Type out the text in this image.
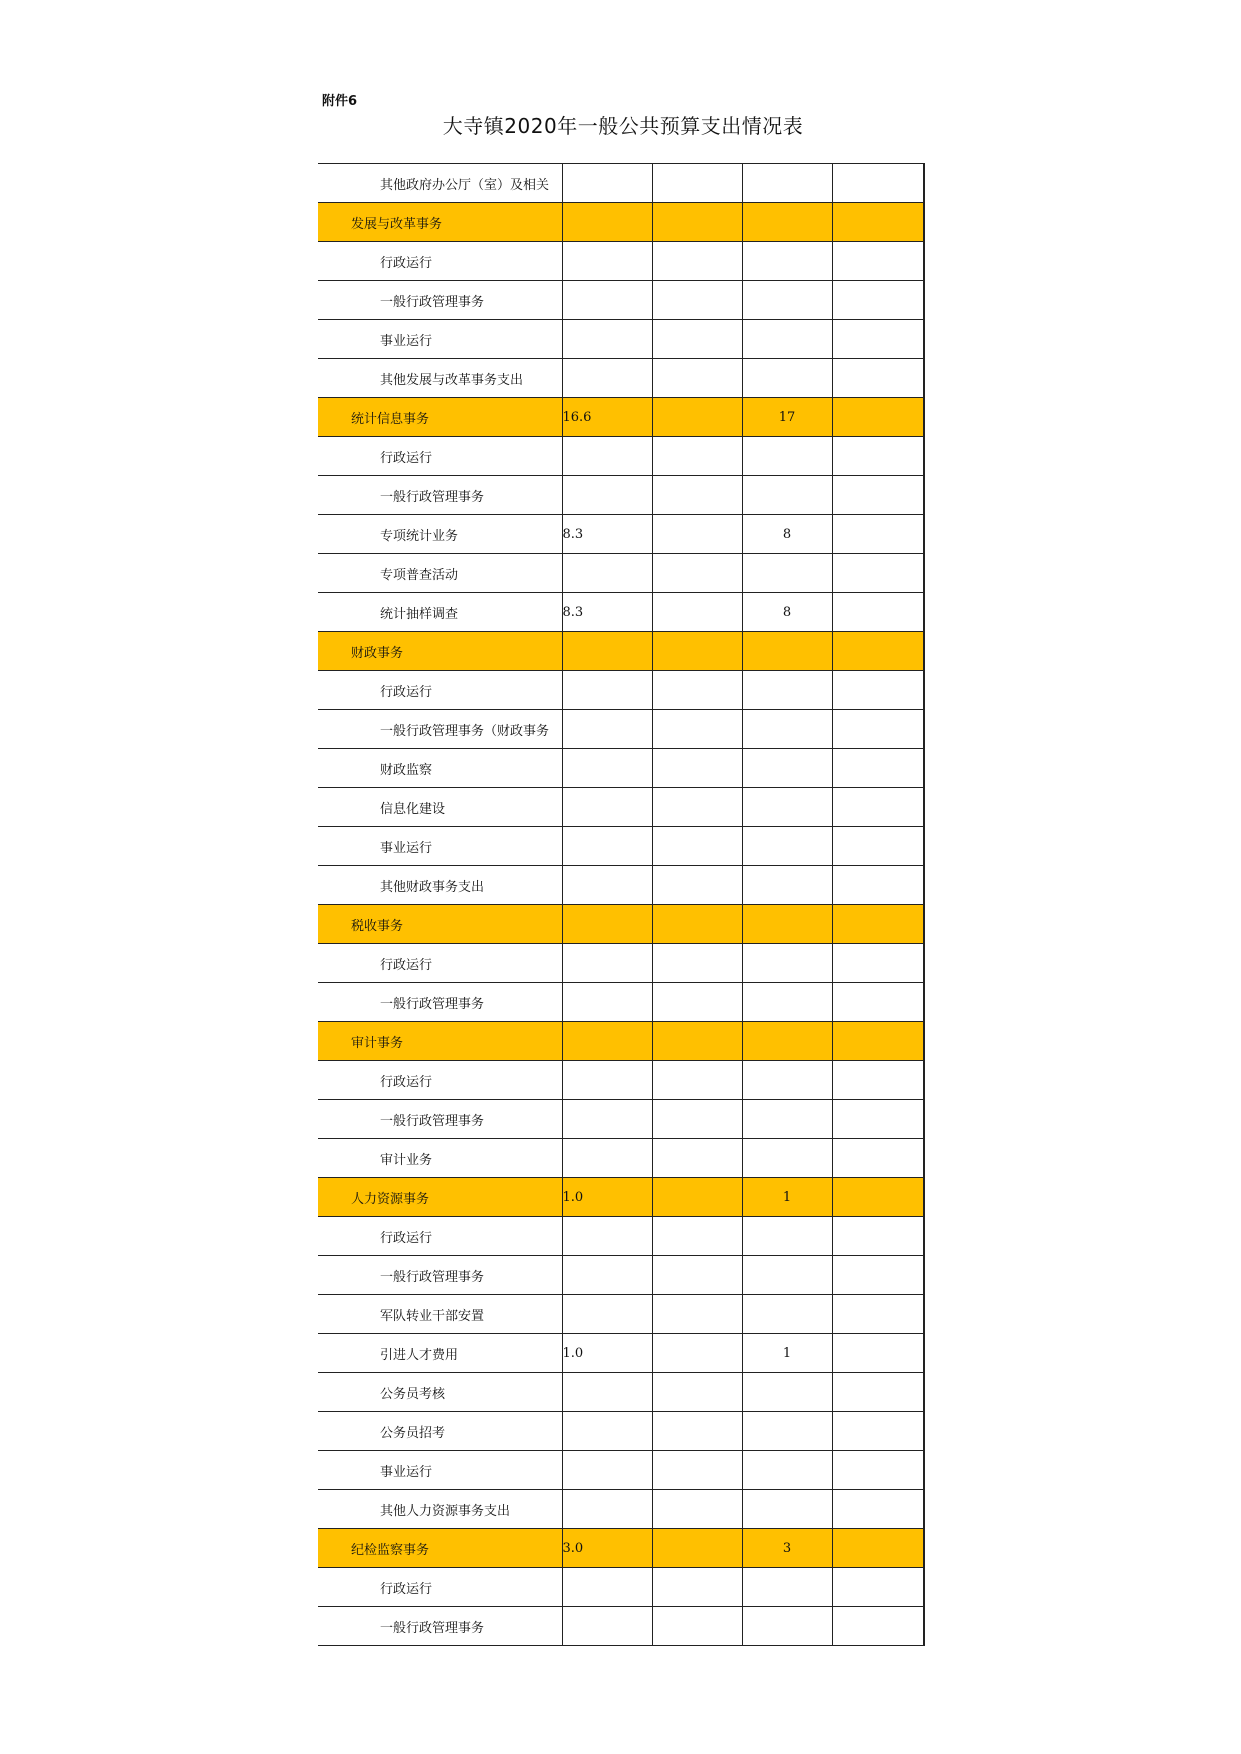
附件6
大寺镇2020年一般公共预算支出情况表
其他政府办公厅（室）及相关				
发展与改革事务				
行政运行				
一般行政管理事务				
事业运行				
其他发展与改革事务支出				
统计信息事务	16.6		17	
行政运行				
一般行政管理事务				
专项统计业务	8.3		8	
专项普查活动				
统计抽样调查	8.3		8	
财政事务				
行政运行				
一般行政管理事务（财政事务				
财政监察				
信息化建设				
事业运行				
其他财政事务支出				
税收事务				
行政运行				
一般行政管理事务				
审计事务				
行政运行				
一般行政管理事务				
审计业务				
人力资源事务	1.0		1	
行政运行				
一般行政管理事务				
军队转业干部安置				
引进人才费用	1.0		1	
公务员考核				
公务员招考				
事业运行				
其他人力资源事务支出				
纪检监察事务	3.0		3	
行政运行				
一般行政管理事务				
